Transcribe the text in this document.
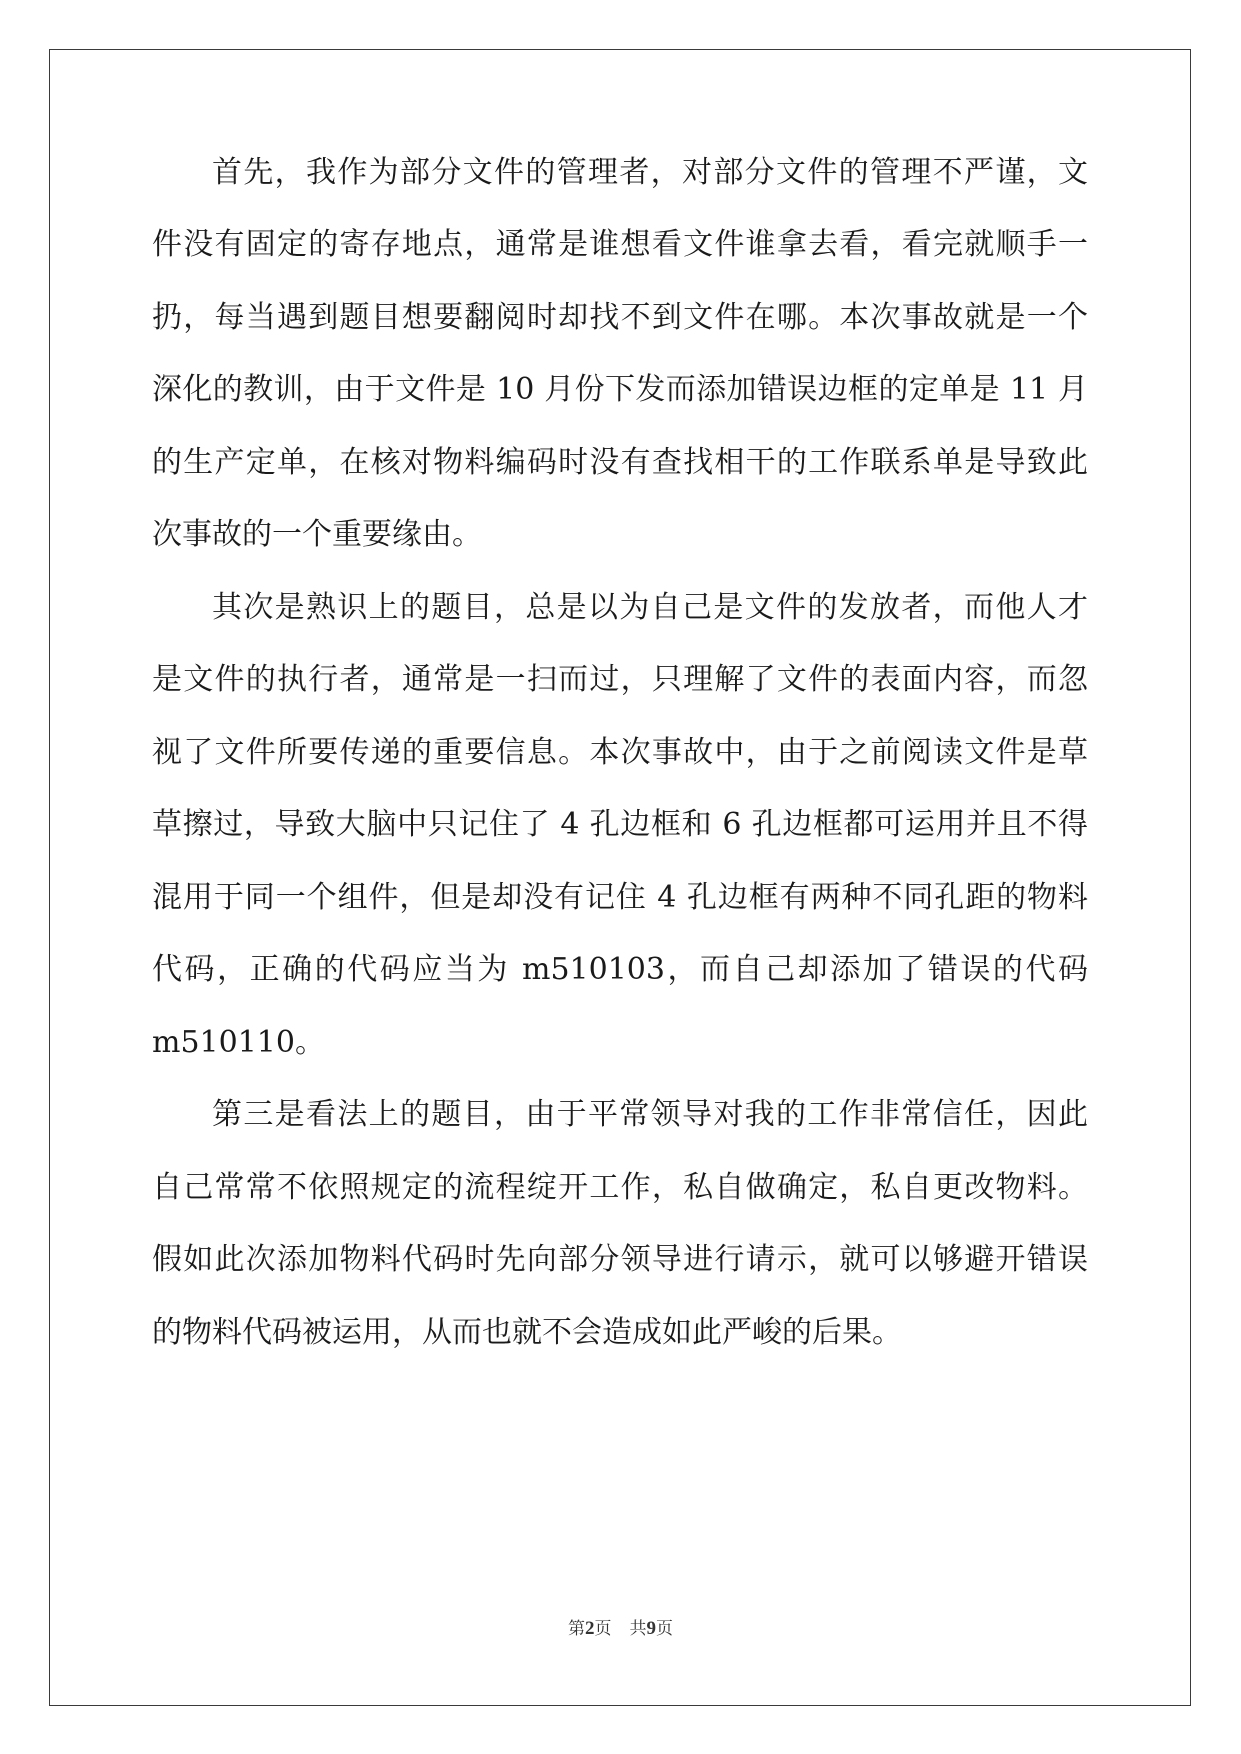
首先，我作为部分文件的管理者，对部分文件的管理不严谨，文
件没有固定的寄存地点，通常是谁想看文件谁拿去看，看完就顺手一
扔，每当遇到题目想要翻阅时却找不到文件在哪。本次事故就是一个
深化的教训，由于文件是 10 月份下发而添加错误边框的定单是 11 月
的生产定单，在核对物料编码时没有查找相干的工作联系单是导致此
次事故的一个重要缘由。
其次是熟识上的题目，总是以为自己是文件的发放者，而他人才
是文件的执行者，通常是一扫而过，只理解了文件的表面内容，而忽
视了文件所要传递的重要信息。本次事故中，由于之前阅读文件是草
草擦过，导致大脑中只记住了 4 孔边框和 6 孔边框都可运用并且不得
混用于同一个组件，但是却没有记住 4 孔边框有两种不同孔距的物料
代码，正确的代码应当为 m510103，而自己却添加了错误的代码
m510110。
第三是看法上的题目，由于平常领导对我的工作非常信任，因此
自己常常不依照规定的流程绽开工作，私自做确定，私自更改物料。
假如此次添加物料代码时先向部分领导进行请示，就可以够避开错误
的物料代码被运用，从而也就不会造成如此严峻的后果。
第2页 共9页
